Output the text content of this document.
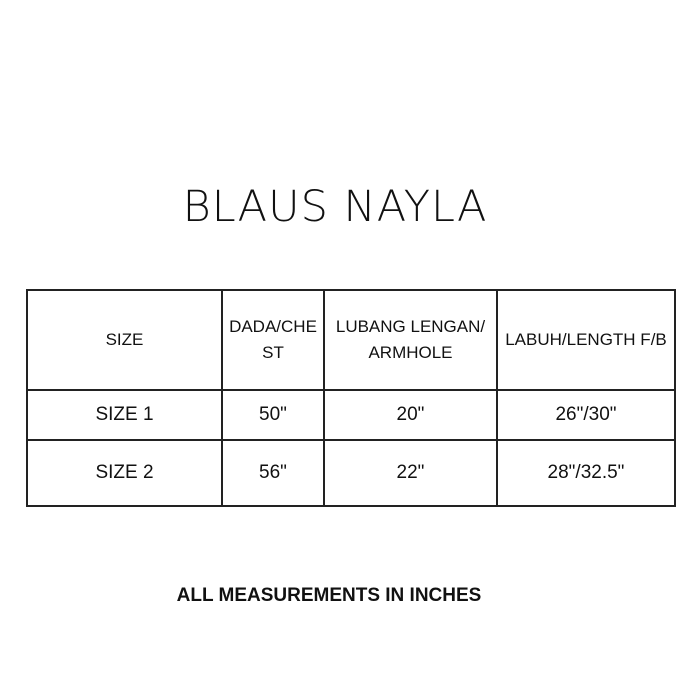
BLAUS NAYLA
SIZE	DADA/CHEST	LUBANG LENGAN/ARMHOLE	LABUH/LENGTH F/B
SIZE 1	50"	20"	26"/30"
SIZE 2	56"	22"	28"/32.5"
ALL MEASUREMENTS IN INCHES
